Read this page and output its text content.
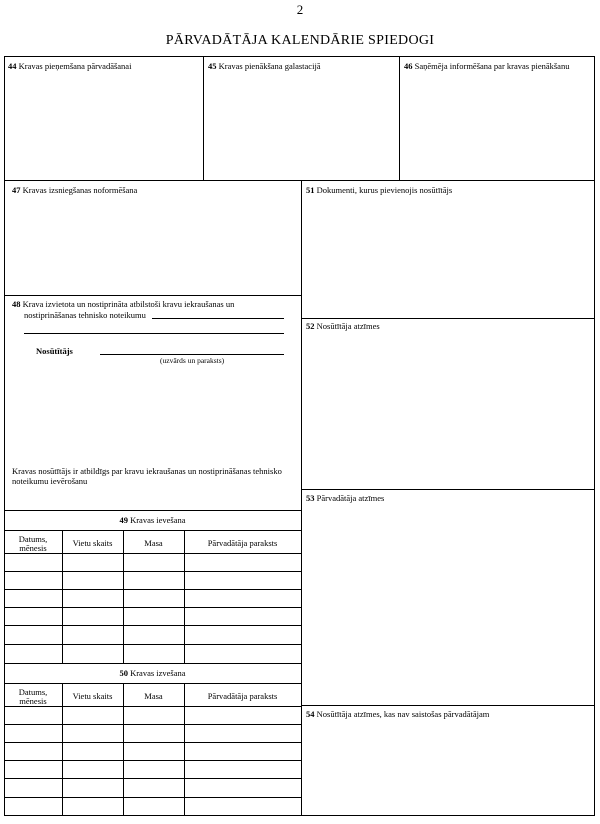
2
PĀRVADĀTĀJA KALENDĀRIE SPIEDOGI
44 Kravas pieņemšana pārvadāšanai	45 Kravas pienākšana galastacijā	46 Saņēmēja informēšana par kravas pienākšanu
47 Kravas izsniegšanas noformēšana	51 Dokumenti, kurus pievienojis nosūtītājs
48 Krava izvietota un nostiprināta atbilstoši kravu iekraušanas un
nostiprināšanas tehnisko noteikumu
Nosūtītājs
(uzvārds un paraksts)
Kravas nosūtītājs ir atbildīgs par kravu iekraušanas un nostiprināšanas tehnisko noteikumu ievērošanu
52 Nosūtītāja atzīmes
53 Pārvadātāja atzīmes
54 Nosūtītāja atzīmes, kas nav saistošas pārvadātājam
49 Kravas ievešana
Datums,
mēnesis	Vietu skaits	Masa	Pārvadātāja paraksts
50 Kravas izvešana
Datums,
mēnesis	Vietu skaits	Masa	Pārvadātāja paraksts
